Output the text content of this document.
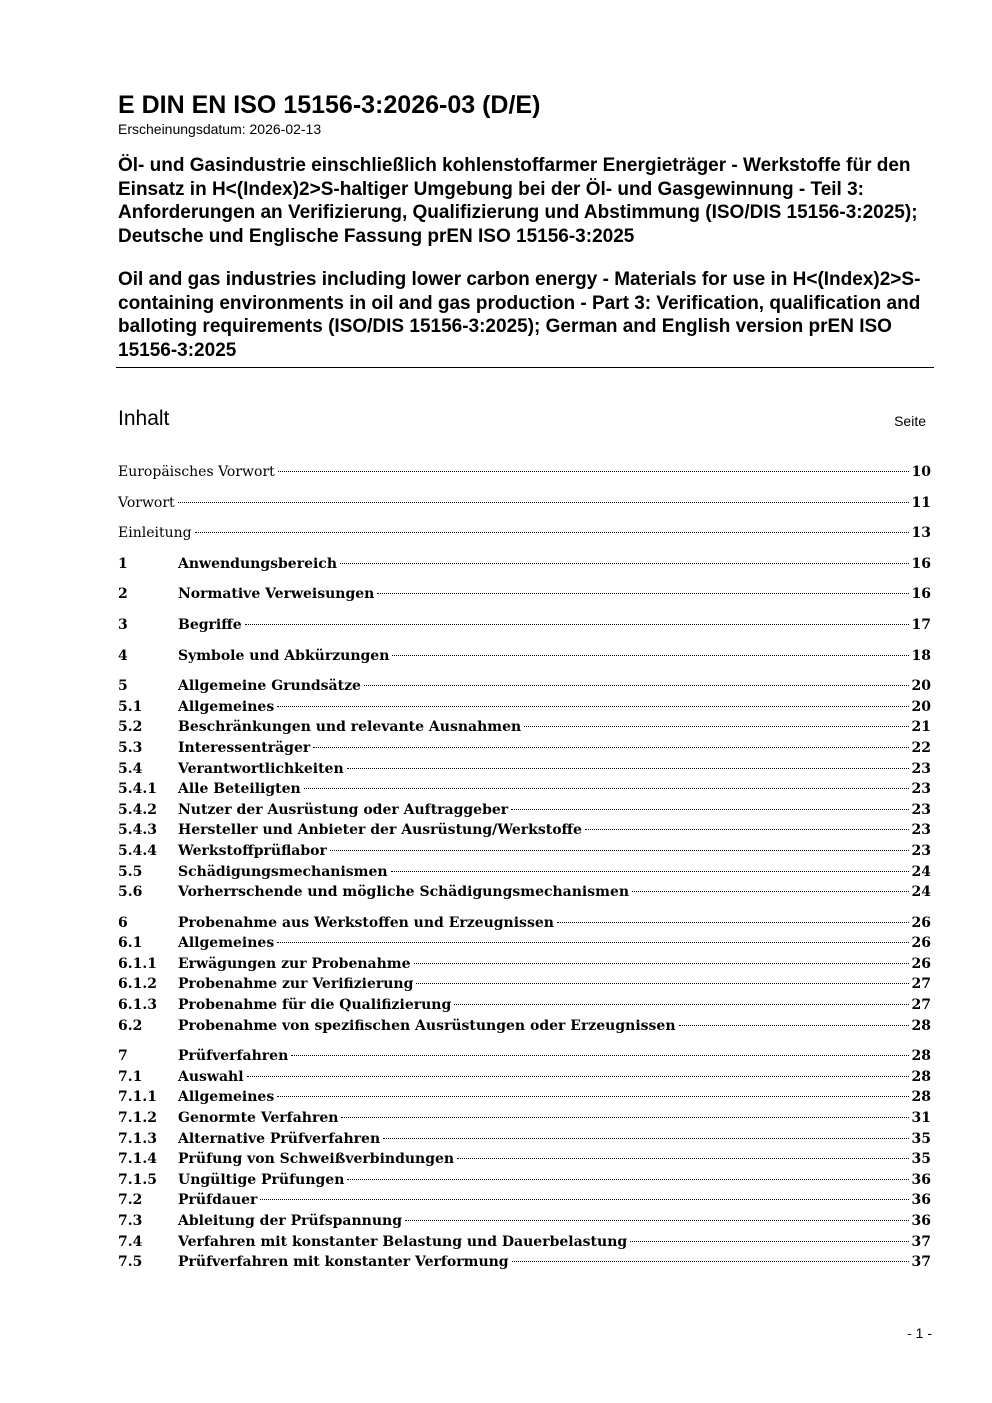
E DIN EN ISO 15156-3:2026-03 (D/E)

Erscheinungsdatum: 2026-02-13

Öl- und Gasindustrie einschließlich kohlenstoffarmer Energieträger - Werkstoffe für den Einsatz in H<(Index)2>S-haltiger Umgebung bei der Öl- und Gasgewinnung - Teil 3: Anforderungen an Verifizierung, Qualifizierung und Abstimmung (ISO/DIS 15156-3:2025); Deutsche und Englische Fassung prEN ISO 15156-3:2025

Oil and gas industries including lower carbon energy - Materials for use in H<(Index)2>S-containing environments in oil and gas production - Part 3: Verification, qualification and balloting requirements (ISO/DIS 15156-3:2025); German and English version prEN ISO 15156-3:2025

Inhalt	Seite
Europäisches Vorwort	10
Vorwort	11
Einleitung	13
1	Anwendungsbereich	16
2	Normative Verweisungen	16
3	Begriffe	17
4	Symbole und Abkürzungen	18
5	Allgemeine Grundsätze	20
5.1	Allgemeines	20
5.2	Beschränkungen und relevante Ausnahmen	21
5.3	Interessenträger	22
5.4	Verantwortlichkeiten	23
5.4.1	Alle Beteiligten	23
5.4.2	Nutzer der Ausrüstung oder Auftraggeber	23
5.4.3	Hersteller und Anbieter der Ausrüstung/Werkstoffe	23
5.4.4	Werkstoffprüflabor	23
5.5	Schädigungsmechanismen	24
5.6	Vorherrschende und mögliche Schädigungsmechanismen	24
6	Probenahme aus Werkstoffen und Erzeugnissen	26
6.1	Allgemeines	26
6.1.1	Erwägungen zur Probenahme	26
6.1.2	Probenahme zur Verifizierung	27
6.1.3	Probenahme für die Qualifizierung	27
6.2	Probenahme von spezifischen Ausrüstungen oder Erzeugnissen	28
7	Prüfverfahren	28
7.1	Auswahl	28
7.1.1	Allgemeines	28
7.1.2	Genormte Verfahren	31
7.1.3	Alternative Prüfverfahren	35
7.1.4	Prüfung von Schweißverbindungen	35
7.1.5	Ungültige Prüfungen	36
7.2	Prüfdauer	36
7.3	Ableitung der Prüfspannung	36
7.4	Verfahren mit konstanter Belastung und Dauerbelastung	37
7.5	Prüfverfahren mit konstanter Verformung	37
- 1 -
